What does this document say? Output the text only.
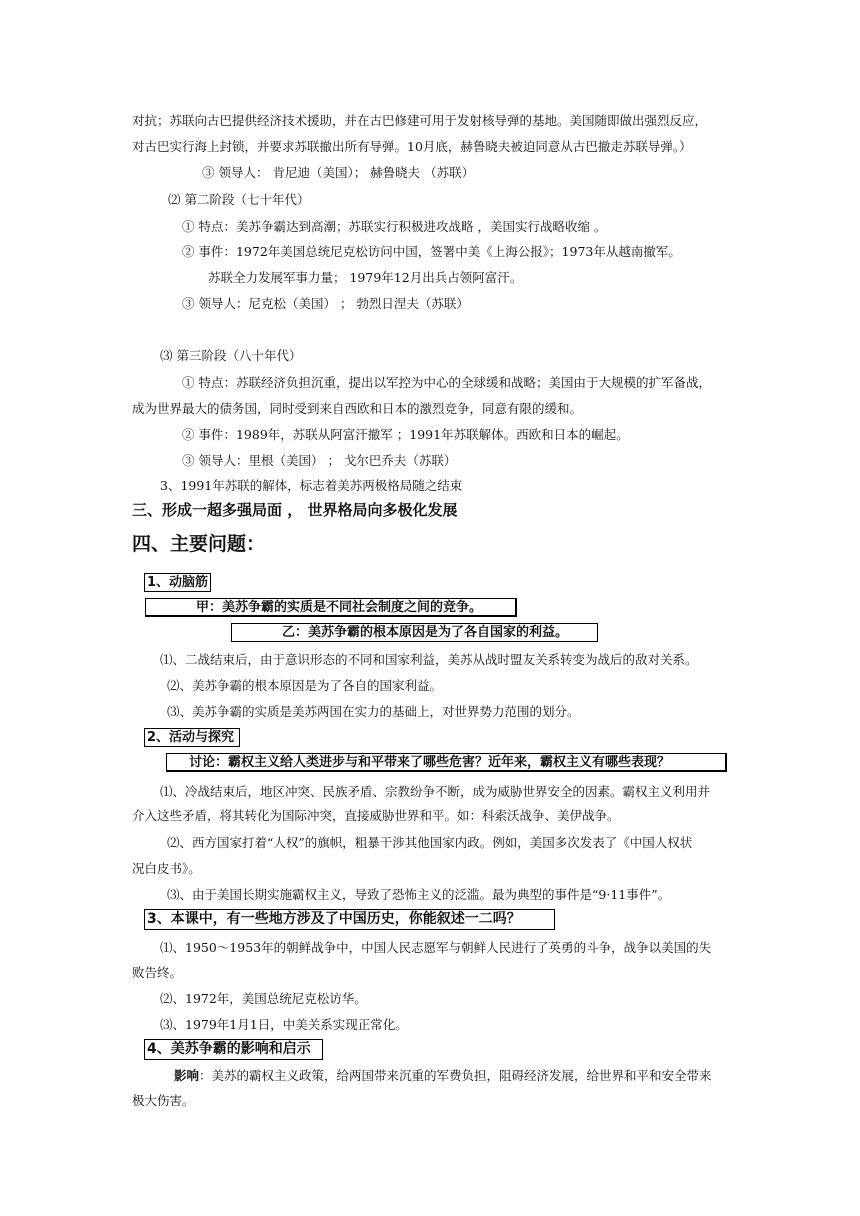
对抗；苏联向古巴提供经济技术援助，并在古巴修建可用于发射核导弹的基地。美国随即做出强烈反应，
对古巴实行海上封锁，并要求苏联撤出所有导弹。10月底，赫鲁晓夫被迫同意从古巴撤走苏联导弹。）
③ 领导人： 肯尼迪（美国）； 赫鲁晓夫 （苏联）
⑵ 第二阶段（七十年代）
① 特点：美苏争霸达到高潮；苏联实行积极进攻战略 ，美国实行战略收缩 。
② 事件：1972年美国总统尼克松访问中国，签署中美《上海公报》；1973年从越南撤军。
苏联全力发展军事力量； 1979年12月出兵占领阿富汗。
③ 领导人：尼克松（美国） ； 勃烈日涅夫（苏联）
⑶ 第三阶段（八十年代）
① 特点：苏联经济负担沉重，提出以军控为中心的全球缓和战略；美国由于大规模的扩军备战，
成为世界最大的债务国，同时受到来自西欧和日本的激烈竞争，同意有限的缓和。
② 事件：1989年，苏联从阿富汗撤军 ；1991年苏联解体。西欧和日本的崛起。
③ 领导人：里根（美国） ； 戈尔巴乔夫（苏联）
3、1991年苏联的解体，标志着美苏两极格局随之结束
三、形成一超多强局面 ， 世界格局向多极化发展
四、主要问题：
1、动脑筋
甲：美苏争霸的实质是不同社会制度之间的竞争。
乙：美苏争霸的根本原因是为了各自国家的利益。
⑴、二战结束后，由于意识形态的不同和国家利益，美苏从战时盟友关系转变为战后的敌对关系。
⑵、美苏争霸的根本原因是为了各自的国家利益。
⑶、美苏争霸的实质是美苏两国在实力的基础上，对世界势力范围的划分。
2、活动与探究
讨论：霸权主义给人类进步与和平带来了哪些危害？近年来，霸权主义有哪些表现？
⑴、冷战结束后，地区冲突、民族矛盾、宗教纷争不断，成为威胁世界安全的因素。霸权主义利用并
介入这些矛盾，将其转化为国际冲突，直接威胁世界和平。如：科索沃战争、美伊战争。
⑵、西方国家打着“人权”的旗帜，粗暴干涉其他国家内政。例如，美国多次发表了《中国人权状
况白皮书》。
⑶、由于美国长期实施霸权主义，导致了恐怖主义的泛滥。最为典型的事件是“9·11事件”。
3、本课中，有一些地方涉及了中国历史，你能叙述一二吗？
⑴、1950～1953年的朝鲜战争中，中国人民志愿军与朝鲜人民进行了英勇的斗争，战争以美国的失
败告终。
⑵、1972年，美国总统尼克松访华。
⑶、1979年1月1日，中美关系实现正常化。
4、美苏争霸的影响和启示
影响：美苏的霸权主义政策，给两国带来沉重的军费负担，阻碍经济发展，给世界和平和安全带来
极大伤害。
